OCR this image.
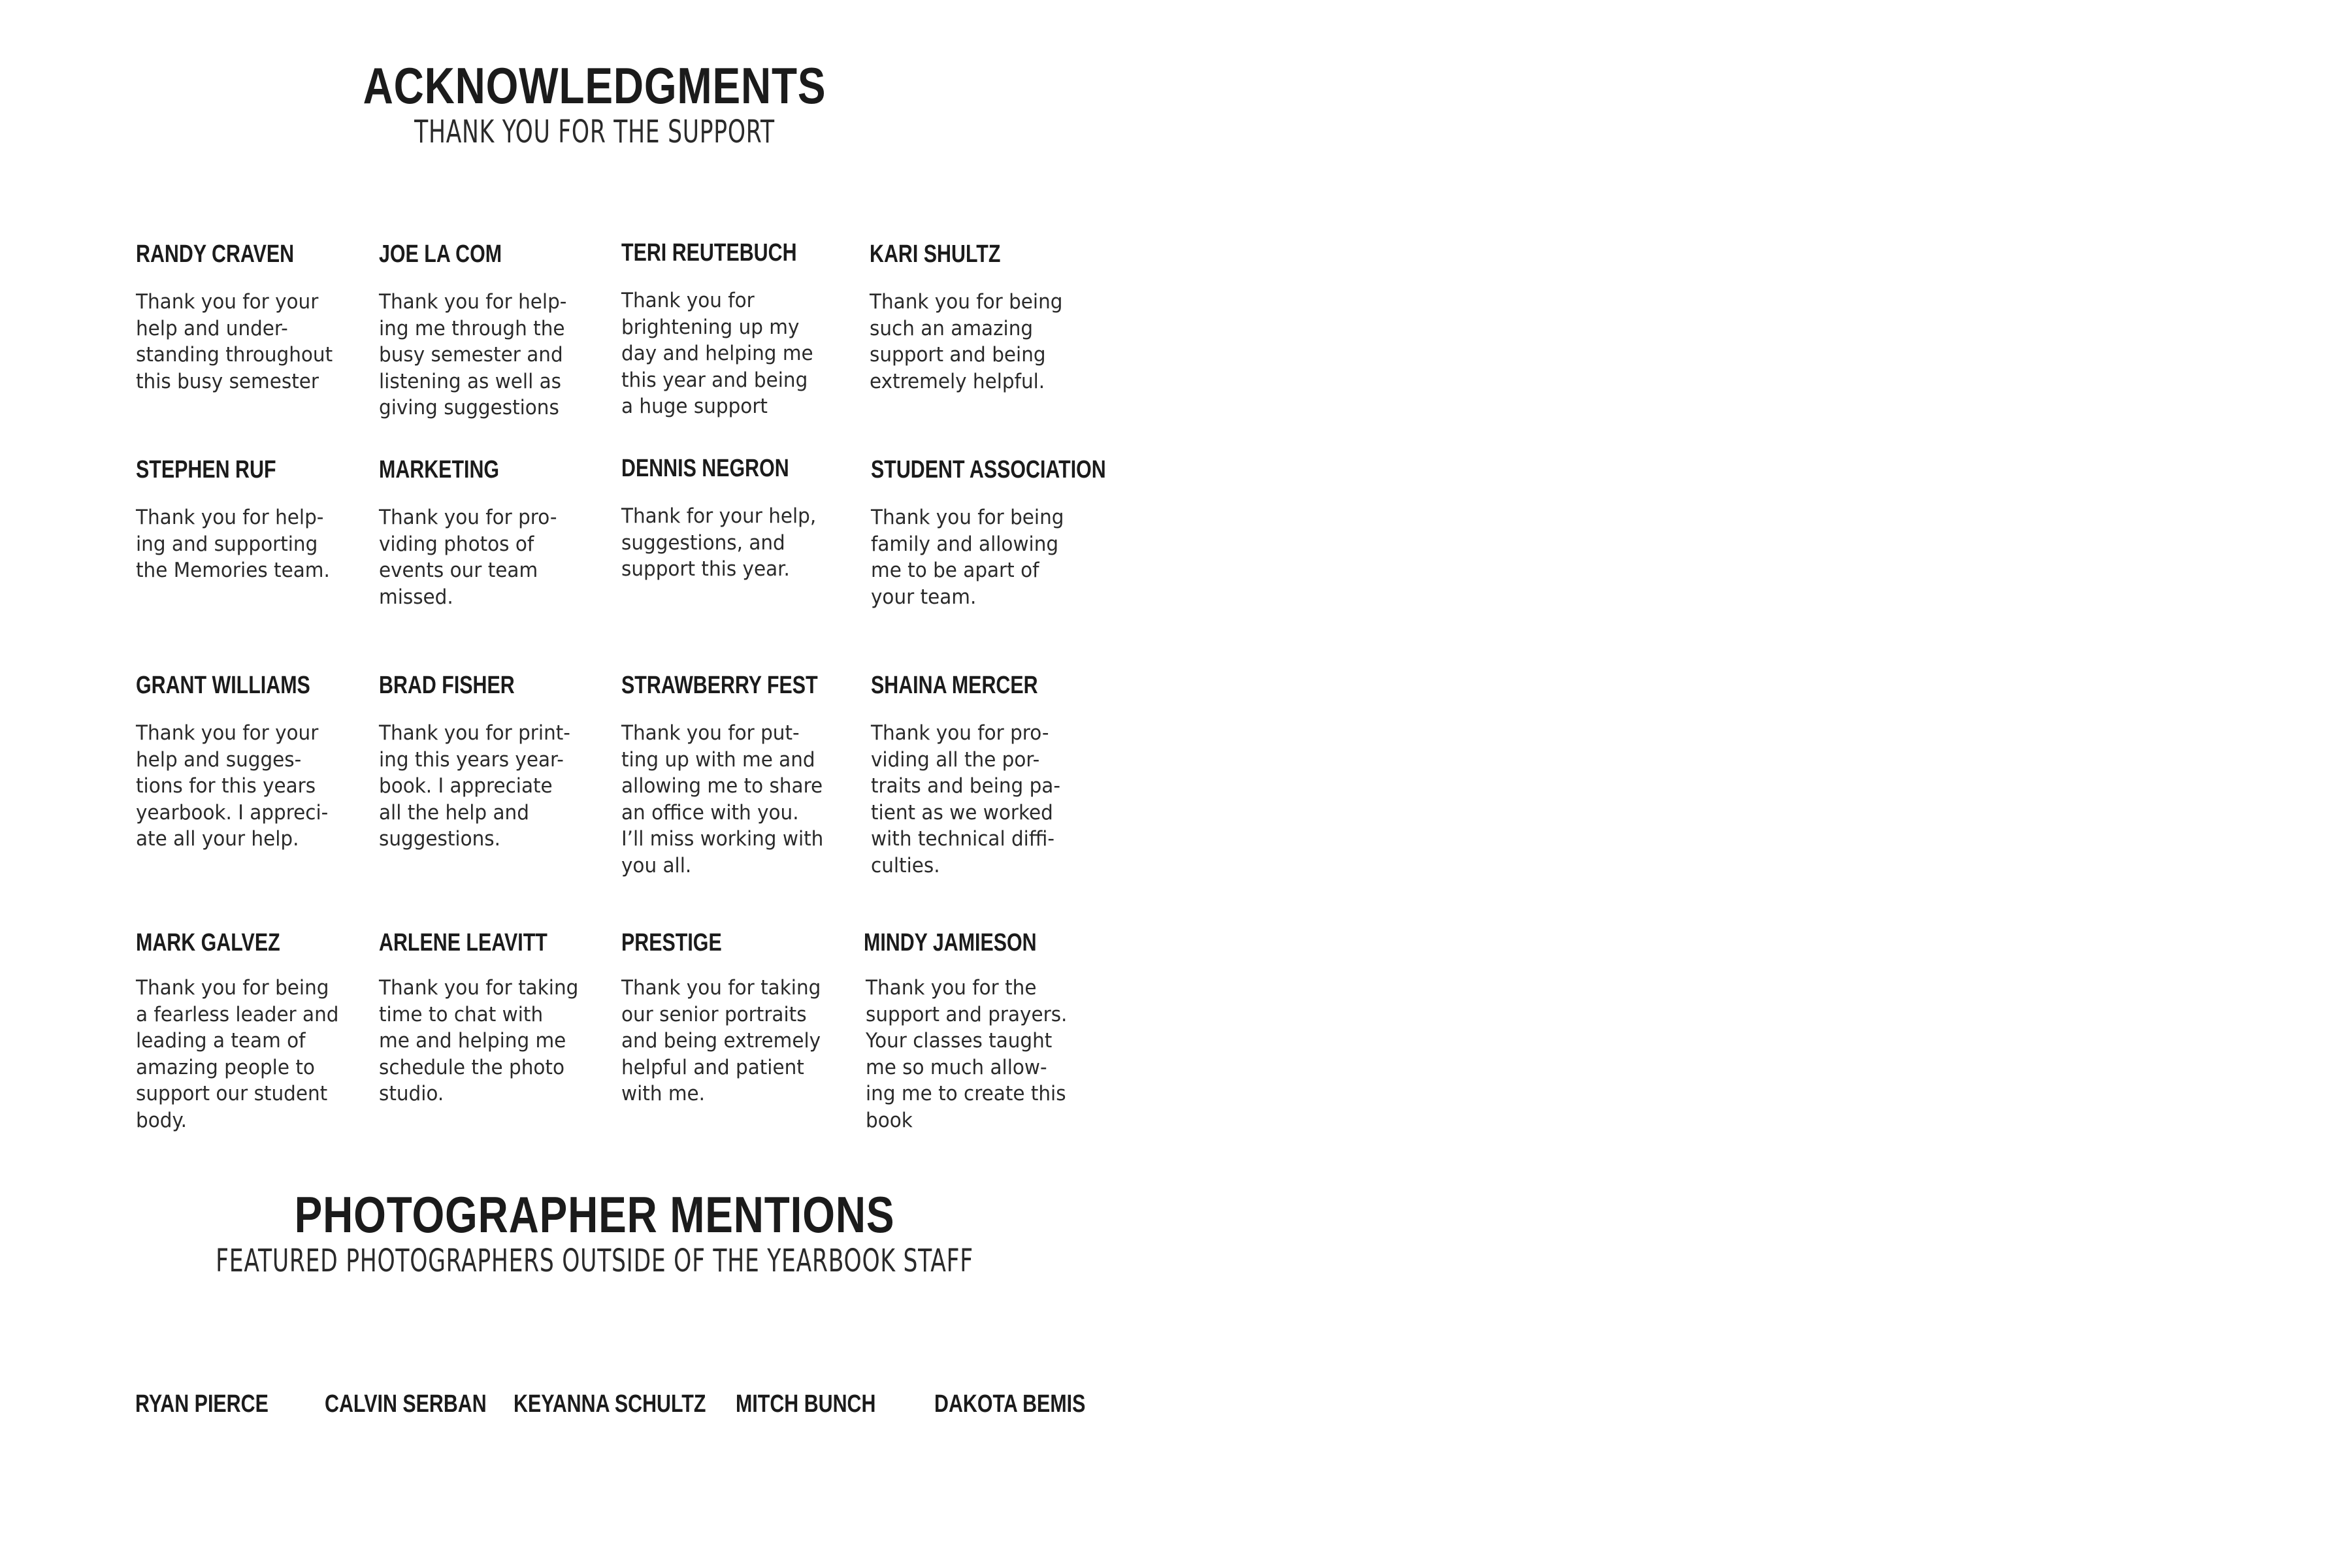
ACKNOWLEDGMENTS
THANK YOU FOR THE SUPPORT
RANDY CRAVEN
Thank you for your
help and under-
standing throughout
this busy semester
JOE LA COM
Thank you for help-
ing me through the
busy semester and
listening as well as
giving suggestions
TERI REUTEBUCH
Thank you for
brightening up my
day and helping me
this year and being
a huge support
KARI SHULTZ
Thank you for being
such an amazing
support and being
extremely helpful.
STEPHEN RUF
Thank you for help-
ing and supporting
the Memories team.
MARKETING
Thank you for pro-
viding photos of
events our team
missed.
DENNIS NEGRON
Thank for your help,
suggestions, and
support this year.
STUDENT ASSOCIATION
Thank you for being
family and allowing
me to be apart of
your team.
GRANT WILLIAMS
Thank you for your
help and sugges-
tions for this years
yearbook. I appreci-
ate all your help.
BRAD FISHER
Thank you for print-
ing this years year-
book. I appreciate
all the help and
suggestions.
STRAWBERRY FEST
Thank you for put-
ting up with me and
allowing me to share
an office with you.
I’ll miss working with
you all.
SHAINA MERCER
Thank you for pro-
viding all the por-
traits and being pa-
tient as we worked
with technical diffi-
culties.
MARK GALVEZ
Thank you for being
a fearless leader and
leading a team of
amazing people to
support our student
body.
ARLENE LEAVITT
Thank you for taking
time to chat with
me and helping me
schedule the photo
studio.
PRESTIGE
Thank you for taking
our senior portraits
and being extremely
helpful and patient
with me.
MINDY JAMIESON
Thank you for the
support and prayers.
Your classes taught
me so much allow-
ing me to create this
book
PHOTOGRAPHER MENTIONS
FEATURED PHOTOGRAPHERS OUTSIDE OF THE YEARBOOK STAFF
RYAN PIERCE CALVIN SERBAN KEYANNA SCHULTZ MITCH BUNCH DAKOTA BEMIS
